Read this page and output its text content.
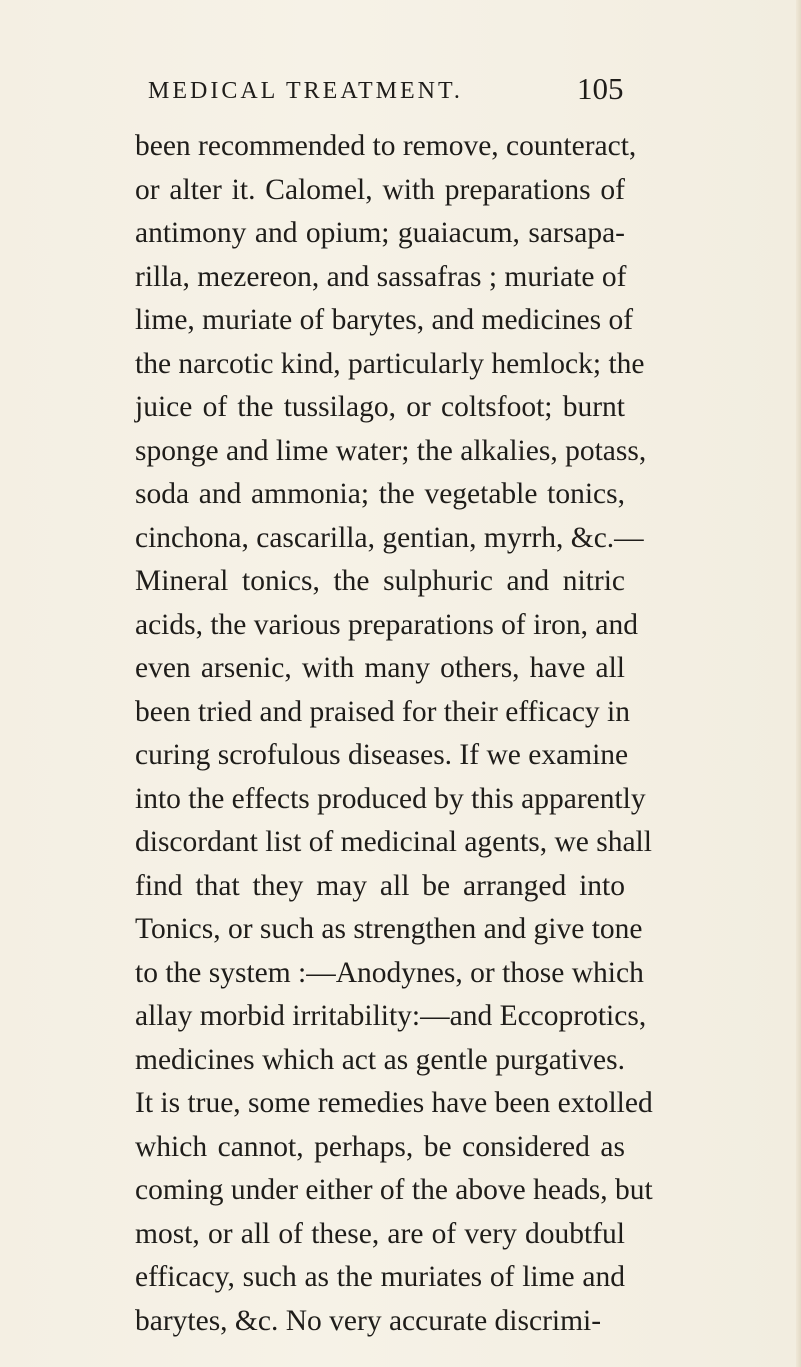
MEDICAL TREATMENT.	105

been recommended to remove, counteract,

or alter it. Calomel, with preparations of

antimony and opium; guaiacum, sarsapa-

rilla, mezereon, and sassafras ; muriate of

lime, muriate of barytes, and medicines of

the narcotic kind, particularly hemlock; the

juice of the tussilago, or coltsfoot; burnt

sponge and lime water; the alkalies, potass,

soda and ammonia; the vegetable tonics,

cinchona, cascarilla, gentian, myrrh, &c.—

Mineral tonics, the sulphuric and nitric

acids, the various preparations of iron, and

even arsenic, with many others, have all

been tried and praised for their efficacy in

curing scrofulous diseases. If we examine

into the effects produced by this apparently

discordant list of medicinal agents, we shall

find that they may all be arranged into

Tonics, or such as strengthen and give tone

to the system :—Anodynes, or those which

allay morbid irritability:—and Eccoprotics,

medicines which act as gentle purgatives.

It is true, some remedies have been extolled

which cannot, perhaps, be considered as

coming under either of the above heads, but

most, or all of these, are of very doubtful

efficacy, such as the muriates of lime and

barytes, &c. No very accurate discrimi-
